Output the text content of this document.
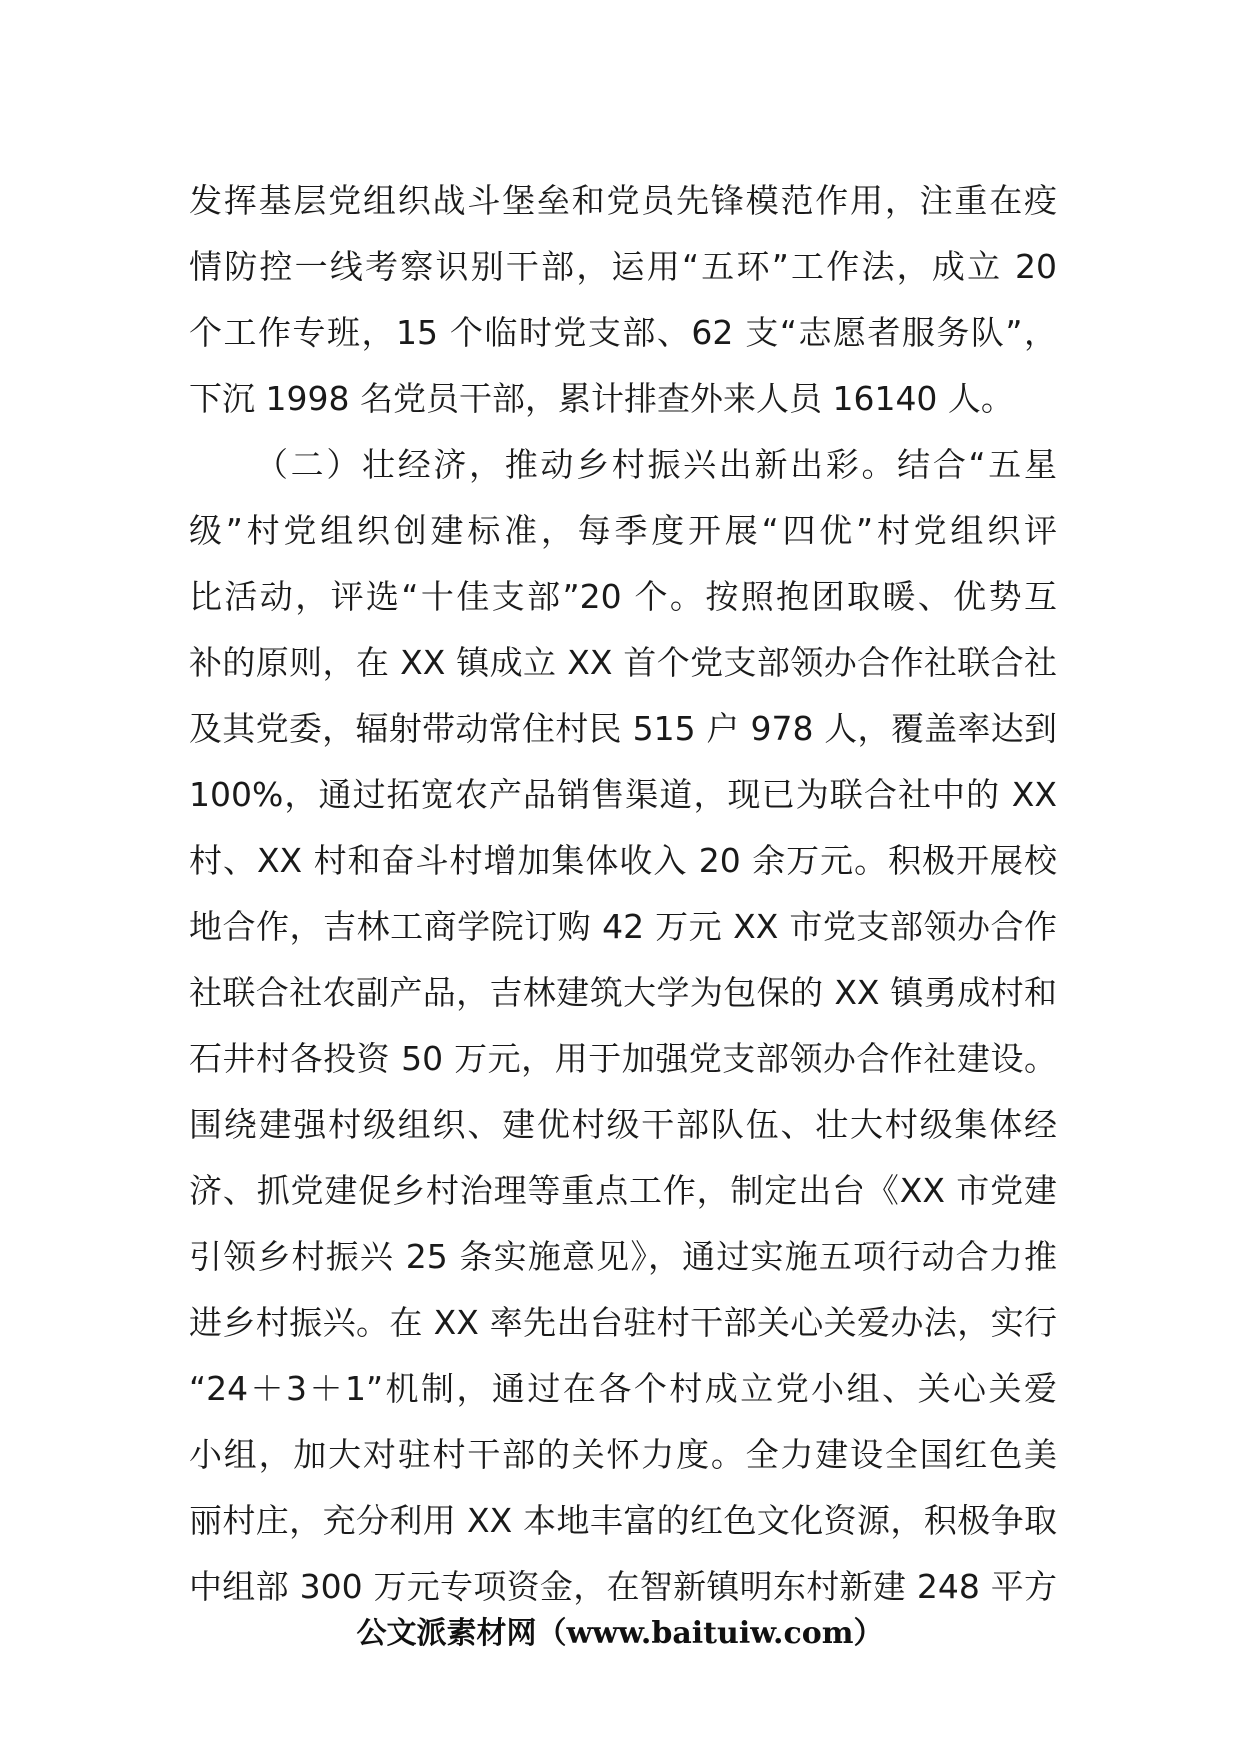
发挥基层党组织战斗堡垒和党员先锋模范作用，注重在疫
情防控一线考察识别干部，运用“五环”工作法，成立 20
个工作专班，15 个临时党支部、62 支“志愿者服务队”，
下沉 1998 名党员干部，累计排查外来人员 16140 人。
（二）壮经济，推动乡村振兴出新出彩。结合“五星
级”村党组织创建标准，每季度开展“四优”村党组织评
比活动，评选“十佳支部”20 个。按照抱团取暖、优势互
补的原则，在 XX 镇成立 XX 首个党支部领办合作社联合社
及其党委，辐射带动常住村民 515 户 978 人，覆盖率达到
100%，通过拓宽农产品销售渠道，现已为联合社中的 XX
村、XX 村和奋斗村增加集体收入 20 余万元。积极开展校
地合作，吉林工商学院订购 42 万元 XX 市党支部领办合作
社联合社农副产品，吉林建筑大学为包保的 XX 镇勇成村和
石井村各投资 50 万元，用于加强党支部领办合作社建设。
围绕建强村级组织、建优村级干部队伍、壮大村级集体经
济、抓党建促乡村治理等重点工作，制定出台《XX 市党建
引领乡村振兴 25 条实施意见》，通过实施五项行动合力推
进乡村振兴。在 XX 率先出台驻村干部关心关爱办法，实行
“24＋3＋1”机制，通过在各个村成立党小组、关心关爱
小组，加大对驻村干部的关怀力度。全力建设全国红色美
丽村庄，充分利用 XX 本地丰富的红色文化资源，积极争取
中组部 300 万元专项资金，在智新镇明东村新建 248 平方
公文派素材网（www.baituiw.com）
